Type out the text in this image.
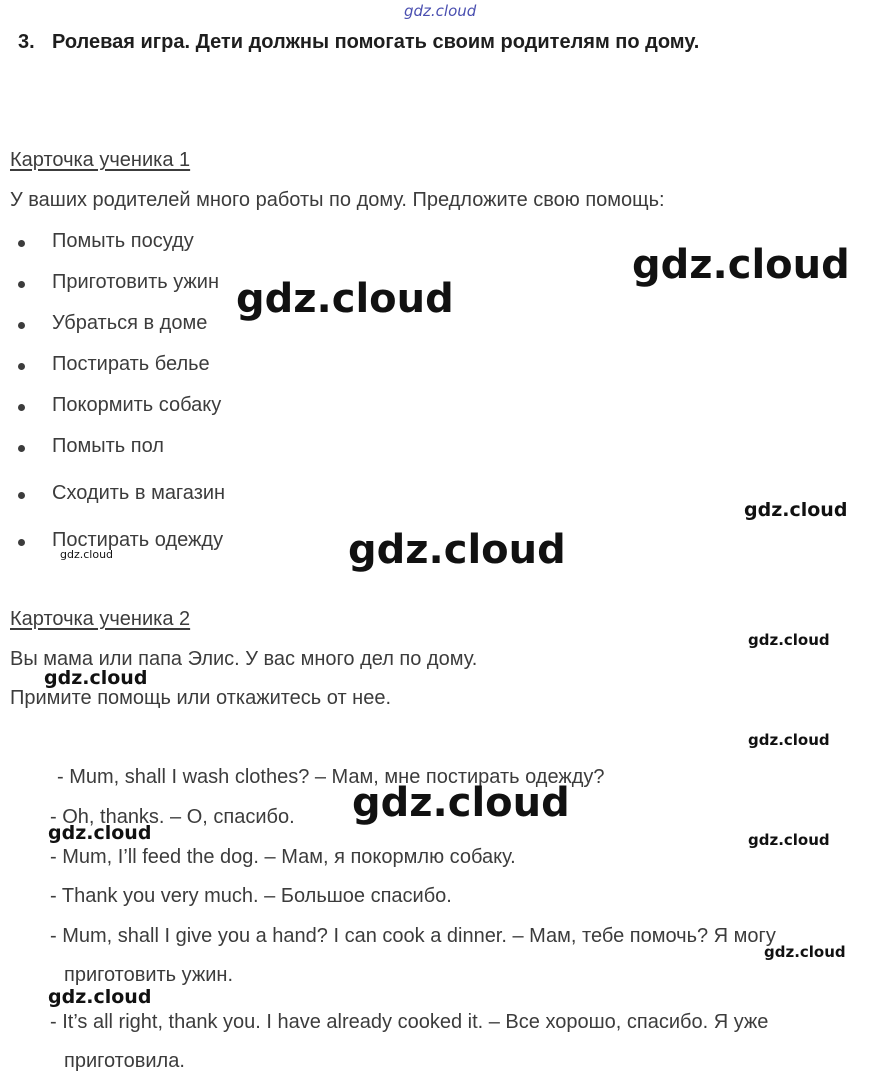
3. Ролевая игра. Дети должны помогать своим родителям по дому.
Карточка ученика 1
У ваших родителей много работы по дому. Предложите свою помощь:
Помыть посуду
Приготовить ужин
Убраться в доме
Постирать белье
Покормить собаку
Помыть пол
Сходить в магазин
Постирать одежду
Карточка ученика 2
Вы мама или папа Элис. У вас много дел по дому.
Примите помощь или откажитесь от нее.
- Mum, shall I wash clothes? – Мам, мне постирать одежду?
- Oh, thanks. – О, спасибо.
- Mum, I’ll feed the dog. – Мам, я покормлю собаку.
- Thank you very much. – Большое спасибо.
- Mum, shall I give you a hand? I can cook a dinner. – Мам, тебе помочь? Я могу
приготовить ужин.
- It’s all right, thank you. I have already cooked it. – Все хорошо, спасибо. Я уже
приготовила.
gdz.cloud
gdz.cloud
gdz.cloud
gdz.cloud
gdz.cloud
gdz.cloud
gdz.cloud
gdz.cloud
gdz.cloud
gdz.cloud
gdz.cloud	gdz.cloud
gdz.cloud
gdz.cloud
